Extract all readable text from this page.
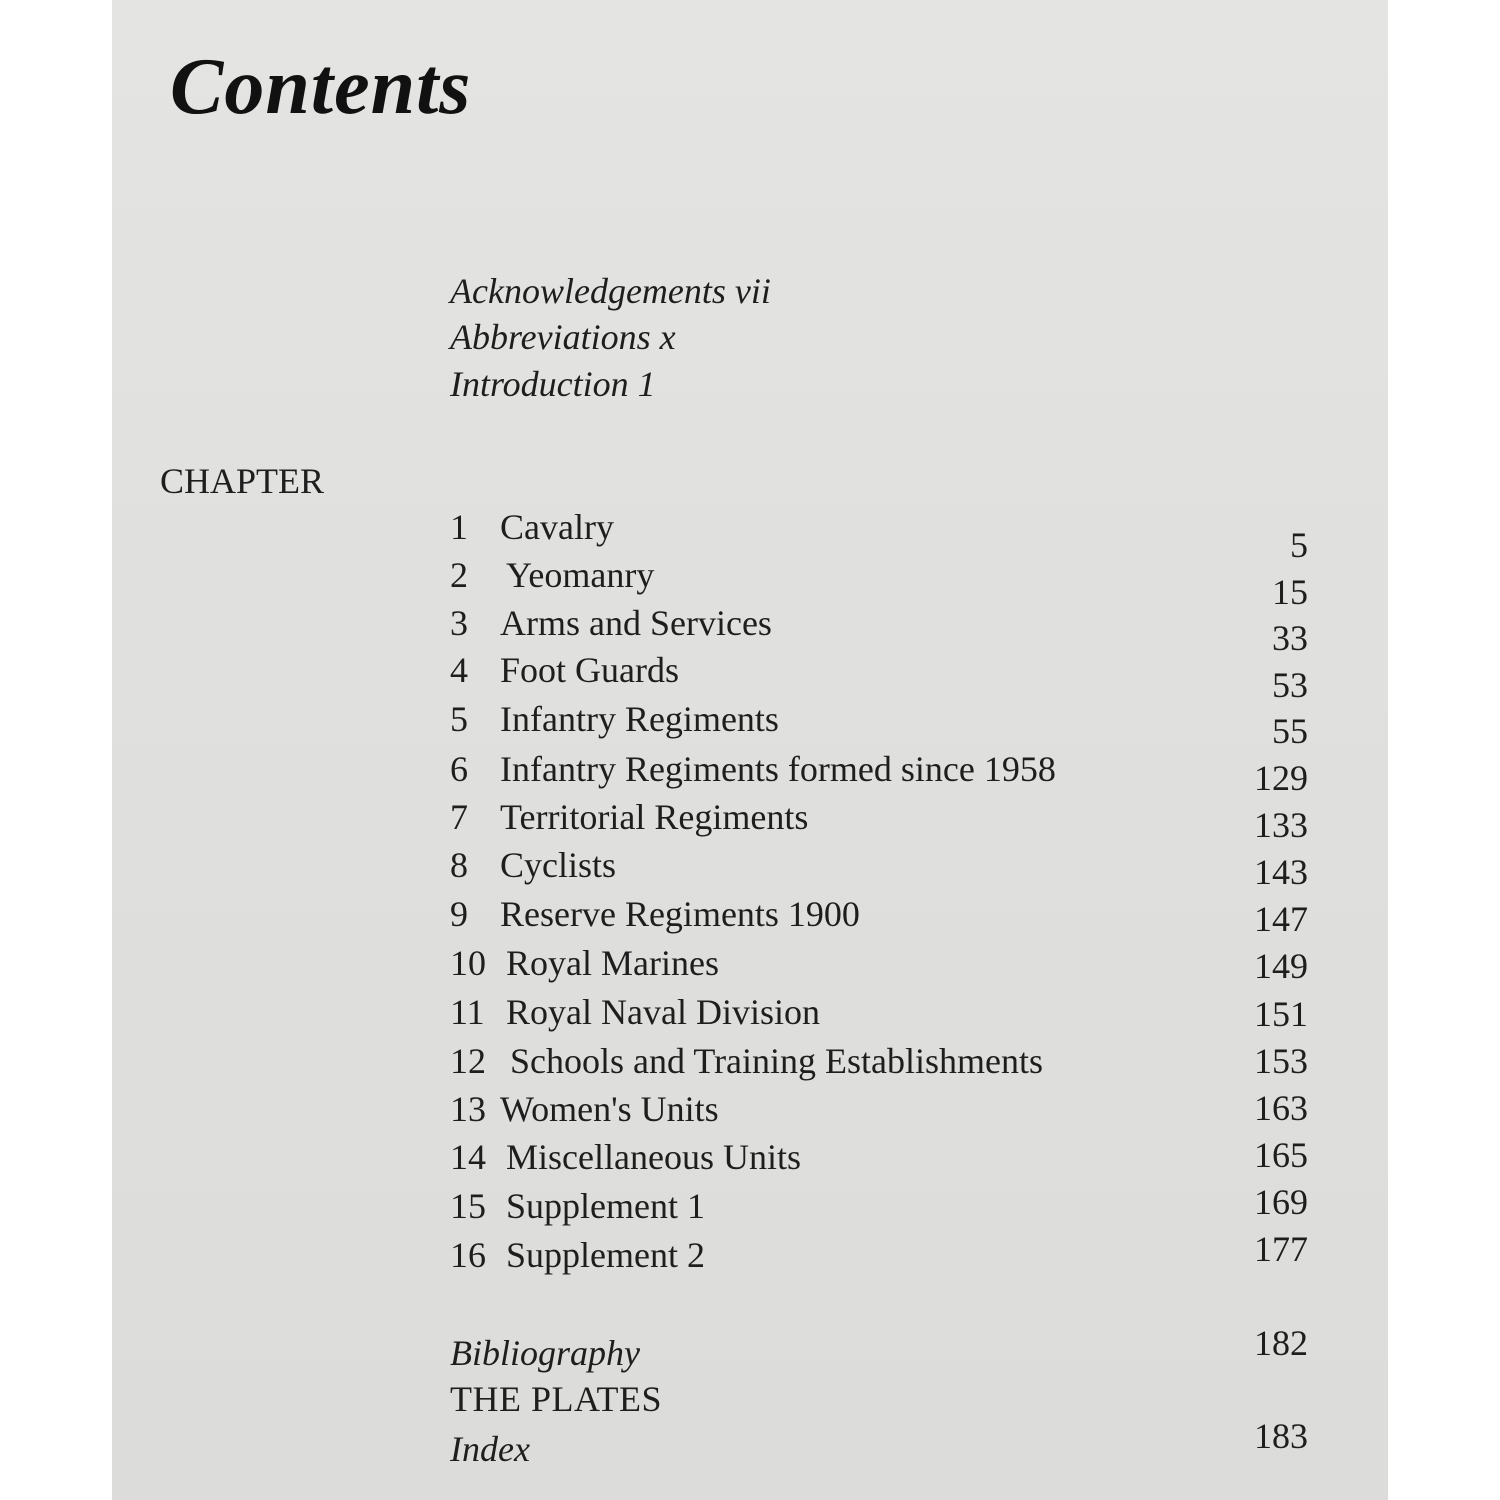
Contents
Acknowledgements vii
Abbreviations x
Introduction 1
CHAPTER
1 Cavalry	5
2 Yeomanry	15
3 Arms and Services	33
4 Foot Guards	53
5 Infantry Regiments	55
6 Infantry Regiments formed since 1958	129
7 Territorial Regiments	133
8 Cyclists	143
9 Reserve Regiments 1900	147
10 Royal Marines	149
11 Royal Naval Division	151
12 Schools and Training Establishments	153
13 Women's Units	163
14 Miscellaneous Units	165
15 Supplement 1	169
16 Supplement 2	177
Bibliography	182
THE PLATES
Index	183
